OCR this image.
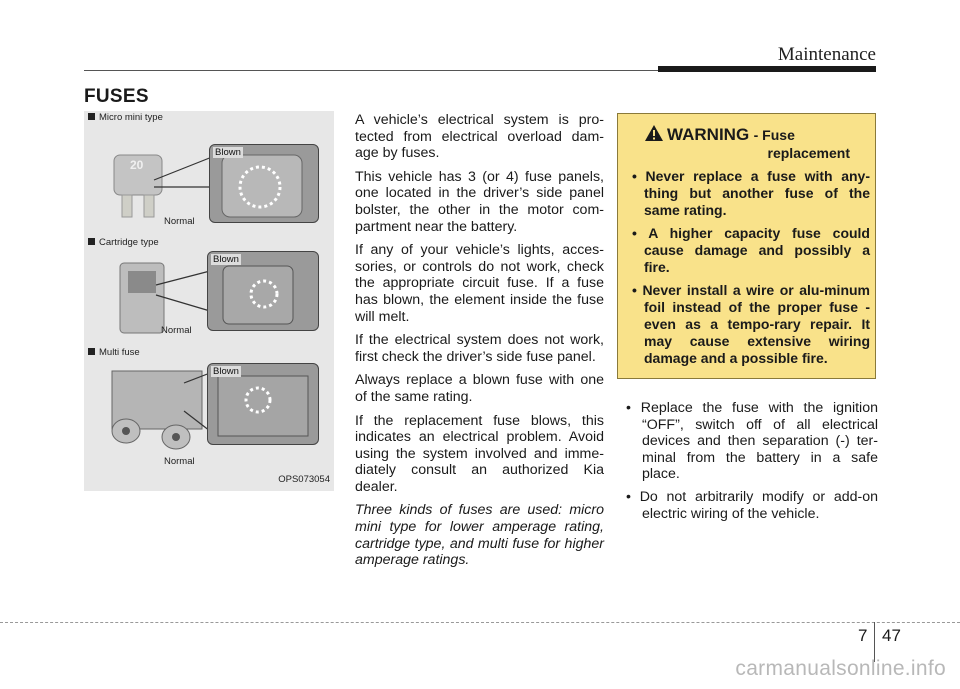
Maintenance
FUSES
Micro mini type
20
Normal
Blown
Cartridge type
Normal
Blown
Multi fuse
Normal
Blown
OPS073054

A vehicle’s electrical system is pro-tected from electrical overload dam-age by fuses.

This vehicle has 3 (or 4) fuse panels, one located in the driver’s side panel bolster, the other in the motor com-partment near the battery.

If any of your vehicle’s lights, acces-sories, or controls do not work, check the appropriate circuit fuse. If a fuse has blown, the element inside the fuse will melt.

If the electrical system does not work, first check the driver’s side fuse panel.

Always replace a blown fuse with one of the same rating.

If the replacement fuse blows, this indicates an electrical problem. Avoid using the system involved and imme-diately consult an authorized Kia dealer.

Three kinds of fuses are used: micro mini type for lower amperage rating, cartridge type, and multi fuse for higher amperage ratings.

WARNING - Fuse
replacement
• Never replace a fuse with any-thing but another fuse of the same rating.
• A higher capacity fuse could cause damage and possibly a fire.
• Never install a wire or alu-minum foil instead of the proper fuse - even as a tempo-rary repair. It may cause extensive wiring damage and a possible fire.
• Replace the fuse with the ignition “OFF”, switch off of all electrical devices and then separation (-) ter-minal from the battery in a safe place.
• Do not arbitrarily modify or add-on electric wiring of the vehicle.
7 47
carmanualsonline.info
